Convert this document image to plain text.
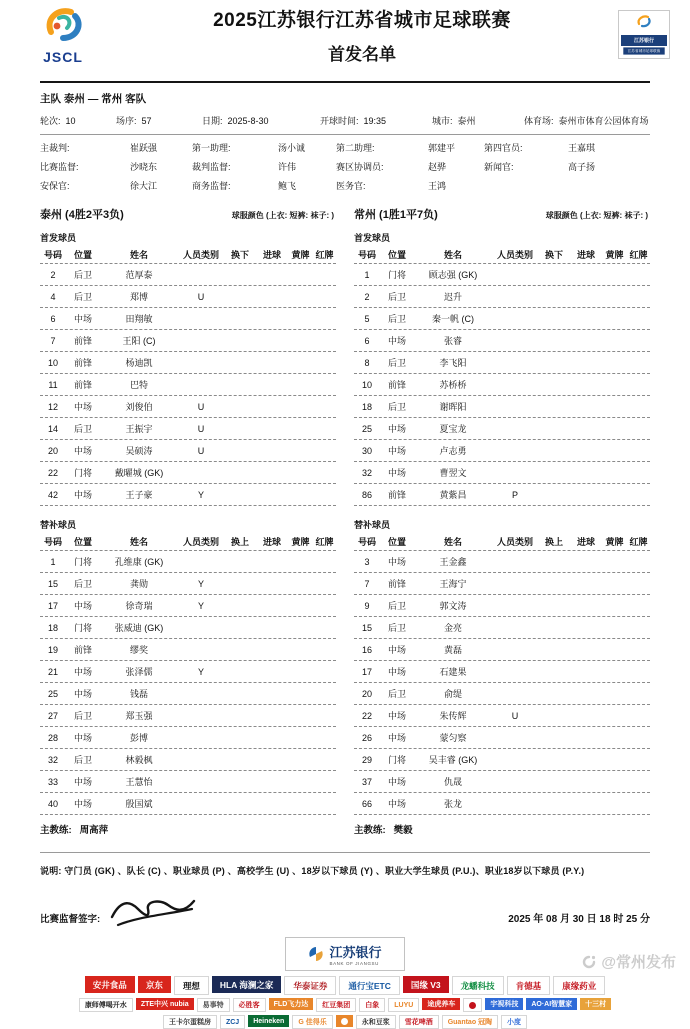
JSCL
2025江苏银行江苏省城市足球联赛
首发名单
江苏银行
江苏省城市足球联赛
主队 泰州 — 常州 客队
轮次: 10	场序: 57	日期: 2025-8-30	开球时间: 19:35	城市: 泰州	体育场: 泰州市体育公园体育场
主裁判:	崔跃强	第一助理:	汤小诚	第二助理:	郭建平	第四官员:	王嘉琪
比赛监督:	沙晓东	裁判监督:	许伟	赛区协调员:	赵骅	新闻官:	高子扬
安保官:	徐大江	商务监督:	鲍飞	医务官:	王鸿
泰州 (4胜2平3负)	球服颜色 (上衣: 短裤: 袜子: )
首发球员
号码	位置	姓名	人员类别	换下	进球	黄牌 红牌
2	后卫	范厚泰
4	后卫	郑博	U
6	中场	田翔敏
7	前锋	王阳 (C)
10	前锋	杨迪凯
11	前锋	巴特
12	中场	刘俊伯	U
14	后卫	王振宇	U
20	中场	吴硕涛	U
22	门将	戴曜城 (GK)
42	中场	王子豪	Y
替补球员
号码	位置	姓名	人员类别	换上	进球	黄牌 红牌
1	门将	孔维康 (GK)
15	后卫	龚勋	Y
17	中场	徐奇瑞	Y
18	门将	张威迪 (GK)
19	前锋	缪奖
21	中场	张泽儒	Y
25	中场	钱磊
27	后卫	郑玉强
28	中场	彭博
32	后卫	林毅枫
33	中场	王慧怡
40	中场	殷国斌
主教练: 周高萍
常州 (1胜1平7负)	球服颜色 (上衣: 短裤: 袜子: )
首发球员
号码	位置	姓名	人员类别	换下	进球	黄牌 红牌
1	门将	顾志强 (GK)
2	后卫	迟升
5	后卫	秦一帆 (C)
6	中场	张睿
8	后卫	李飞阳
10	前锋	苏桥桥
18	后卫	谢晖阳
25	中场	夏宝龙
30	中场	卢志勇
32	中场	曹翌文
86	前锋	黄紫昌	P
替补球员
号码	位置	姓名	人员类别	换上	进球	黄牌 红牌
3	中场	王金鑫
7	前锋	王海宁
9	后卫	郭文涛
15	后卫	金亮
16	中场	黄磊
17	中场	石建果
20	后卫	俞缇
22	中场	朱传辉	U
26	中场	蒙匀察
29	门将	吴丰睿 (GK)
37	中场	仇晟
66	中场	张龙
主教练: 樊毅
说明: 守门员 (GK) 、队长 (C) 、职业球员 (P) 、高校学生 (U) 、18岁以下球员 (Y) 、职业大学生球员 (P.U.)、职业18岁以下球员 (P.Y.)
比赛监督签字:	2025 年 08 月 30 日 18 时 25 分
江苏银行
BANK OF JIANGSU
安井食品	京东	理想	HLA 海澜之家	华泰证券	通行宝ETC	国缘 V3	龙蟠科技	肯德基	康缘药业
康师傅喝开水	ZTE中兴 nubia	易事特	必胜客	FLD飞力达	红豆集团	白象	LUYU	途虎养车	宇视科技	AO·AI智慧家	十三村
王卡尔蛋糕房	ZCJ	Heineken	G 佳得乐	永和豆浆	雪花啤酒	Guantao 冠陶	小度
@常州发布
